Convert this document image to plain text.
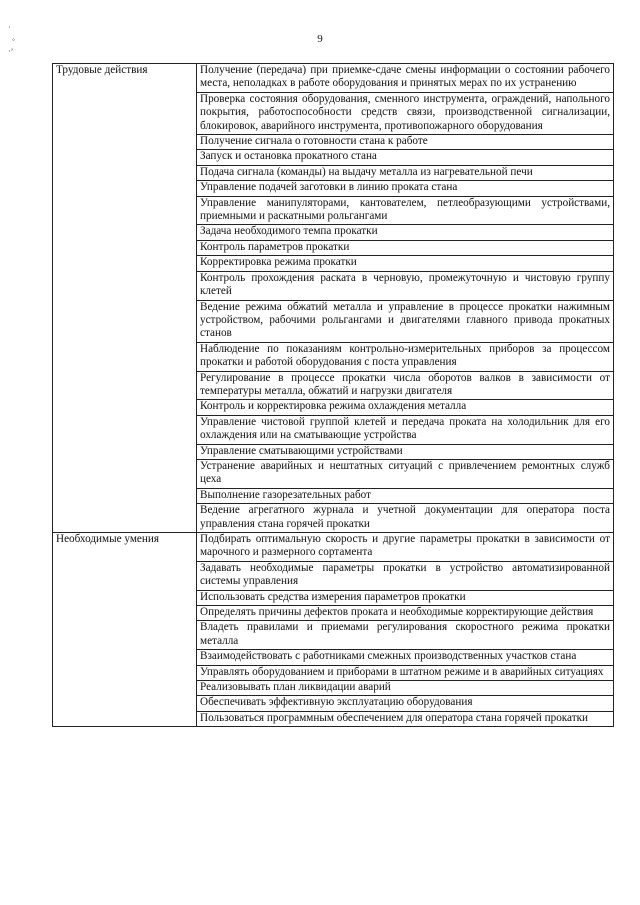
·
◦
·ʼ
9
Трудовые действия	Получение (передача) при приемке-сдаче смены информации о состоянии рабочего места, неполадках в работе оборудования и принятых мерах по их устранению
	Проверка состояния оборудования, сменного инструмента, ограждений, напольного покрытия, работоспособности средств связи, производственной сигнализации, блокировок, аварийного инструмента, противопожарного оборудования
	Получение сигнала о готовности стана к работе
	Запуск и остановка прокатного стана
	Подача сигнала (команды) на выдачу металла из нагревательной печи
	Управление подачей заготовки в линию проката стана
	Управление манипуляторами, кантователем, петлеобразующими устройствами, приемными и раскатными рольгангами
	Задача необходимого темпа прокатки
	Контроль параметров прокатки
	Корректировка режима прокатки
	Контроль прохождения раската в черновую, промежуточную и чистовую группу клетей
	Ведение режима обжатий металла и управление в процессе прокатки нажимным устройством, рабочими рольгангами и двигателями главного привода прокатных станов
	Наблюдение по показаниям контрольно-измерительных приборов за процессом прокатки и работой оборудования с поста управления
	Регулирование в процессе прокатки числа оборотов валков в зависимости от температуры металла, обжатий и нагрузки двигателя
	Контроль и корректировка режима охлаждения металла
	Управление чистовой группой клетей и передача проката на холодильник для его охлаждения или на сматывающие устройства
	Управление сматывающими устройствами
	Устранение аварийных и нештатных ситуаций с привлечением ремонтных служб цеха
	Выполнение газорезательных работ
	Ведение агрегатного журнала и учетной документации для оператора поста управления стана горячей прокатки
Необходимые умения	Подбирать оптимальную скорость и другие параметры прокатки в зависимости от марочного и размерного сортамента
	Задавать необходимые параметры прокатки в устройство автоматизированной системы управления
	Использовать средства измерения параметров прокатки
	Определять причины дефектов проката и необходимые корректирующие действия
	Владеть правилами и приемами регулирования скоростного режима прокатки металла
	Взаимодействовать с работниками смежных производственных участков стана
	Управлять оборудованием и приборами в штатном режиме и в аварийных ситуациях
	Реализовывать план ликвидации аварий
	Обеспечивать эффективную эксплуатацию оборудования
	Пользоваться программным обеспечением для оператора стана горячей прокатки
